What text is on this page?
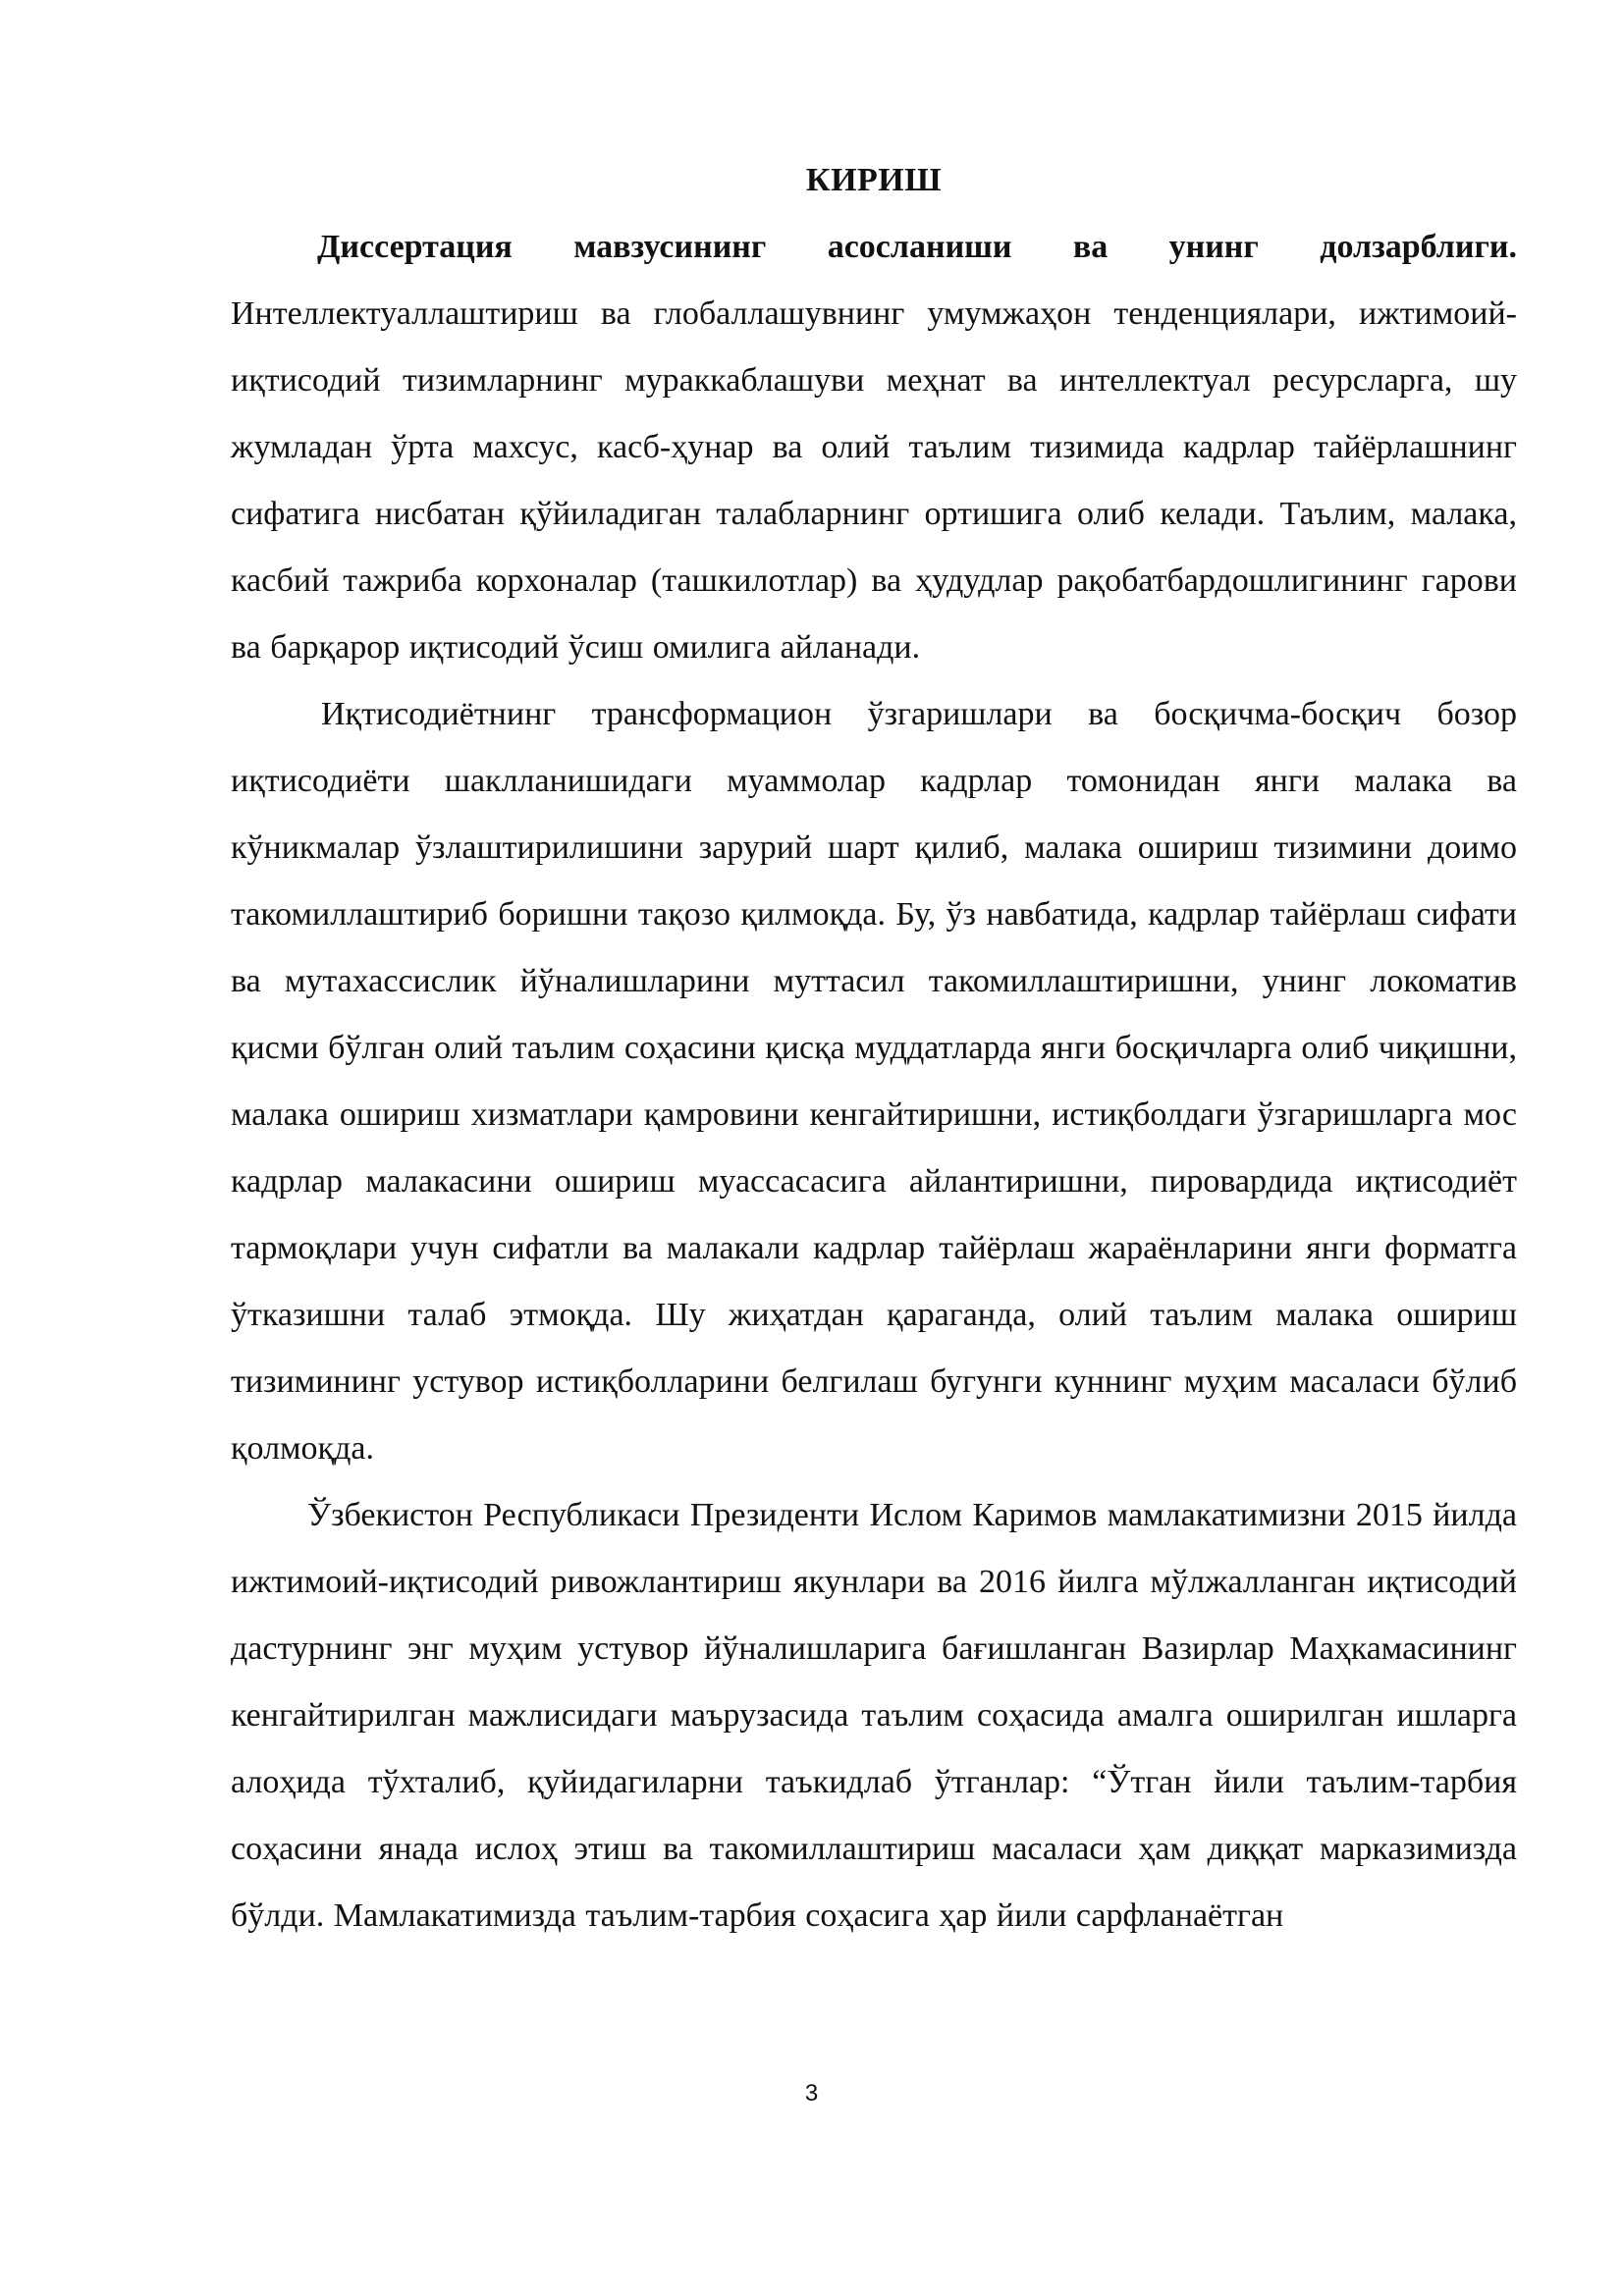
КИРИШ

Диссертация мавзусининг асосланиши ва унинг долзарблиги. Интеллектуаллаштириш ва глобаллашувнинг умумжаҳон тенденциялари, ижтимоий-иқтисодий тизимларнинг мураккаблашуви меҳнат ва интеллектуал ресурсларга, шу жумладан ўрта махсус, касб-ҳунар ва олий таълим тизимида кадрлар тайёрлашнинг сифатига нисбатан қўйиладиган талабларнинг ортишига олиб келади. Таълим, малака, касбий тажриба корхоналар (ташкилотлар) ва ҳудудлар рақобатбардошлигининг гарови ва барқарор иқтисодий ўсиш омилига айланади.

Иқтисодиётнинг трансформацион ўзгаришлари ва босқичма-босқич бозор иқтисодиёти шаклланишидаги муаммолар кадрлар томонидан янги малака ва кўникмалар ўзлаштирилишини зарурий шарт қилиб, малака ошириш тизимини доимо такомиллаштириб боришни тақозо қилмоқда. Бу, ўз навбатида, кадрлар тайёрлаш сифати ва мутахассислик йўналишларини муттасил такомиллаштиришни, унинг локоматив қисми бўлган олий таълим соҳасини қисқа муддатларда янги босқичларга олиб чиқишни, малака ошириш хизматлари қамровини кенгайтиришни, истиқболдаги ўзгаришларга мос кадрлар малакасини ошириш муассасасига айлантиришни, пировардида иқтисодиёт тармоқлари учун сифатли ва малакали кадрлар тайёрлаш жараёнларини янги форматга ўтказишни талаб этмоқда. Шу жиҳатдан қараганда, олий таълим малака ошириш тизимининг устувор истиқболларини белгилаш бугунги куннинг муҳим масаласи бўлиб қолмоқда.

Ўзбекистон Республикаси Президенти Ислом Каримов мамлакатимизни 2015 йилда ижтимоий-иқтисодий ривожлантириш якунлари ва 2016 йилга мўлжалланган иқтисодий дастурнинг энг муҳим устувор йўналишларига бағишланган Вазирлар Маҳкамасининг кенгайтирилган мажлисидаги маърузасида таълим соҳасида амалга оширилган ишларга алоҳида тўхталиб, қуйидагиларни таъкидлаб ўтганлар: “Ўтган йили таълим-тарбия соҳасини янада ислоҳ этиш ва такомиллаштириш масаласи ҳам диққат марказимизда бўлди. Мамлакатимизда таълим-тарбия соҳасига ҳар йили сарфланаётган

3
